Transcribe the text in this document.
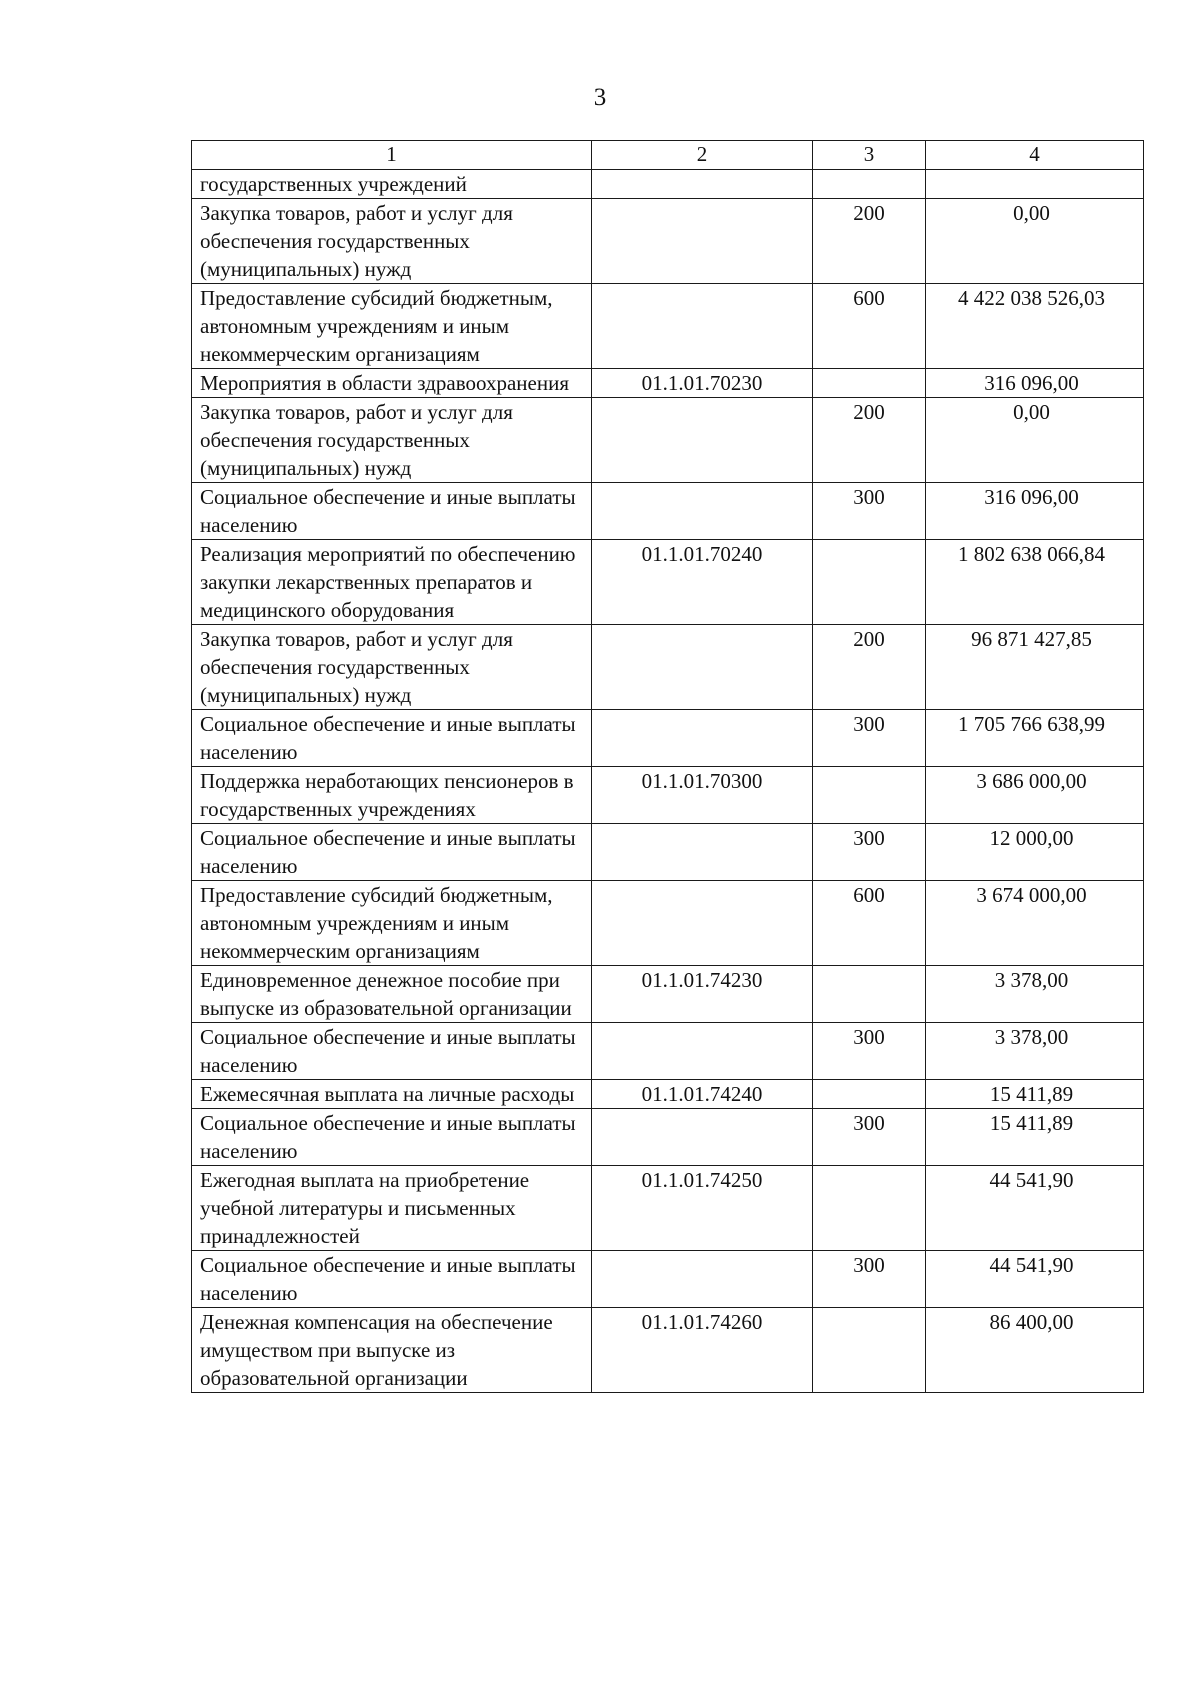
3
1	2	3	4
государственных учреждений			
Закупка товаров, работ и услуг для обеспечения государственных (муниципальных) нужд		200	0,00
Предоставление субсидий бюджетным, автономным учреждениям и иным некоммерческим организациям		600	4 422 038 526,03
Мероприятия в области здравоохранения	01.1.01.70230		316 096,00
Закупка товаров, работ и услуг для обеспечения государственных (муниципальных) нужд		200	0,00
Социальное обеспечение и иные выплаты населению		300	316 096,00
Реализация мероприятий по обеспечению закупки лекарственных препаратов и медицинского оборудования	01.1.01.70240		1 802 638 066,84
Закупка товаров, работ и услуг для обеспечения государственных (муниципальных) нужд		200	96 871 427,85
Социальное обеспечение и иные выплаты населению		300	1 705 766 638,99
Поддержка неработающих пенсионеров в государственных учреждениях	01.1.01.70300		3 686 000,00
Социальное обеспечение и иные выплаты населению		300	12 000,00
Предоставление субсидий бюджетным, автономным учреждениям и иным некоммерческим организациям		600	3 674 000,00
Единовременное денежное пособие при выпуске из образовательной организации	01.1.01.74230		3 378,00
Социальное обеспечение и иные выплаты населению		300	3 378,00
Ежемесячная выплата на личные расходы	01.1.01.74240		15 411,89
Социальное обеспечение и иные выплаты населению		300	15 411,89
Ежегодная выплата на приобретение учебной литературы и письменных принадлежностей	01.1.01.74250		44 541,90
Социальное обеспечение и иные выплаты населению		300	44 541,90
Денежная компенсация на обеспечение имуществом при выпуске из образовательной организации	01.1.01.74260		86 400,00
